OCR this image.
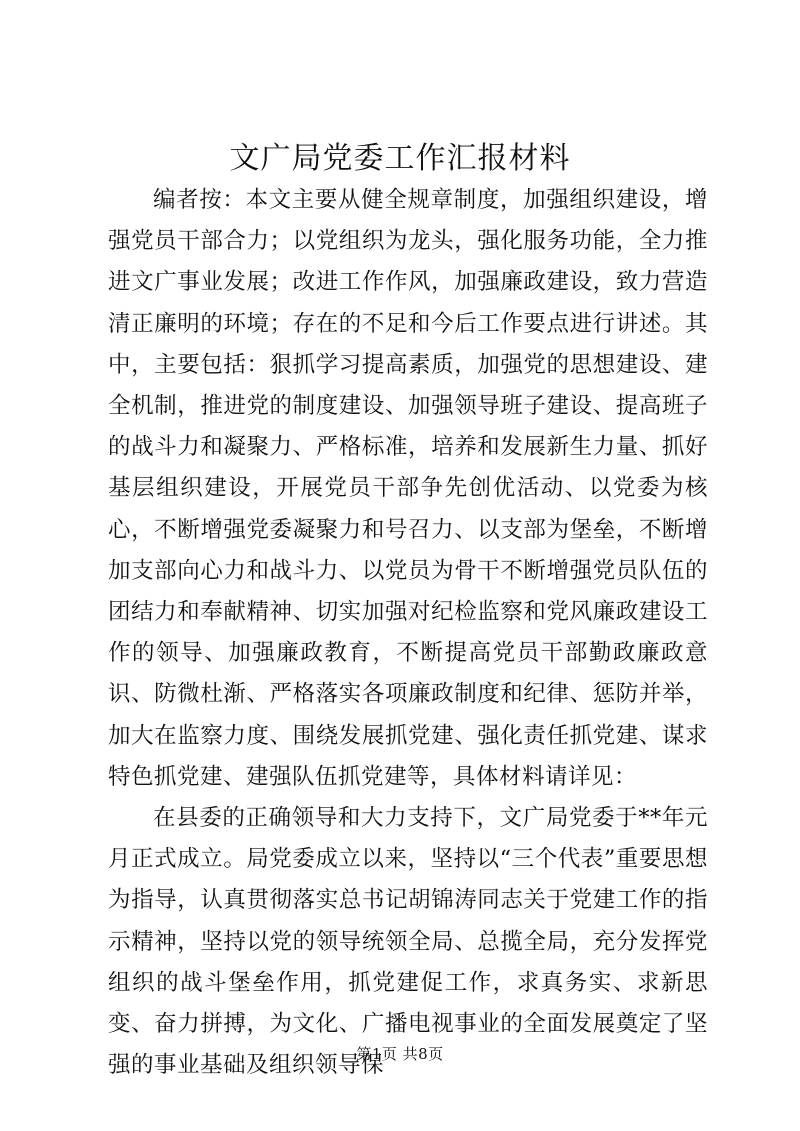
文广局党委工作汇报材料

编者按：本文主要从健全规章制度，加强组织建设，增强党员干部合力；以党组织为龙头，强化服务功能，全力推进文广事业发展；改进工作作风，加强廉政建设，致力营造清正廉明的环境；存在的不足和今后工作要点进行讲述。其中，主要包括：狠抓学习提高素质，加强党的思想建设、建全机制，推进党的制度建设、加强领导班子建设、提高班子的战斗力和凝聚力、严格标准，培养和发展新生力量、抓好基层组织建设，开展党员干部争先创优活动、以党委为核心，不断增强党委凝聚力和号召力、以支部为堡垒，不断增加支部向心力和战斗力、以党员为骨干不断增强党员队伍的团结力和奉献精神、切实加强对纪检监察和党风廉政建设工作的领导、加强廉政教育，不断提高党员干部勤政廉政意识、防微杜渐、严格落实各项廉政制度和纪律、惩防并举，加大在监察力度、围绕发展抓党建、强化责任抓党建、谋求特色抓党建、建强队伍抓党建等，具体材料请详见：

在县委的正确领导和大力支持下，文广局党委于**年元月正式成立。局党委成立以来，坚持以“三个代表”重要思想为指导，认真贯彻落实总书记胡锦涛同志关于党建工作的指示精神，坚持以党的领导统领全局、总揽全局，充分发挥党组织的战斗堡垒作用，抓党建促工作，求真务实、求新思变、奋力拼搏，为文化、广播电视事业的全面发展奠定了坚强的事业基础及组织领导保

第1页 共8页
